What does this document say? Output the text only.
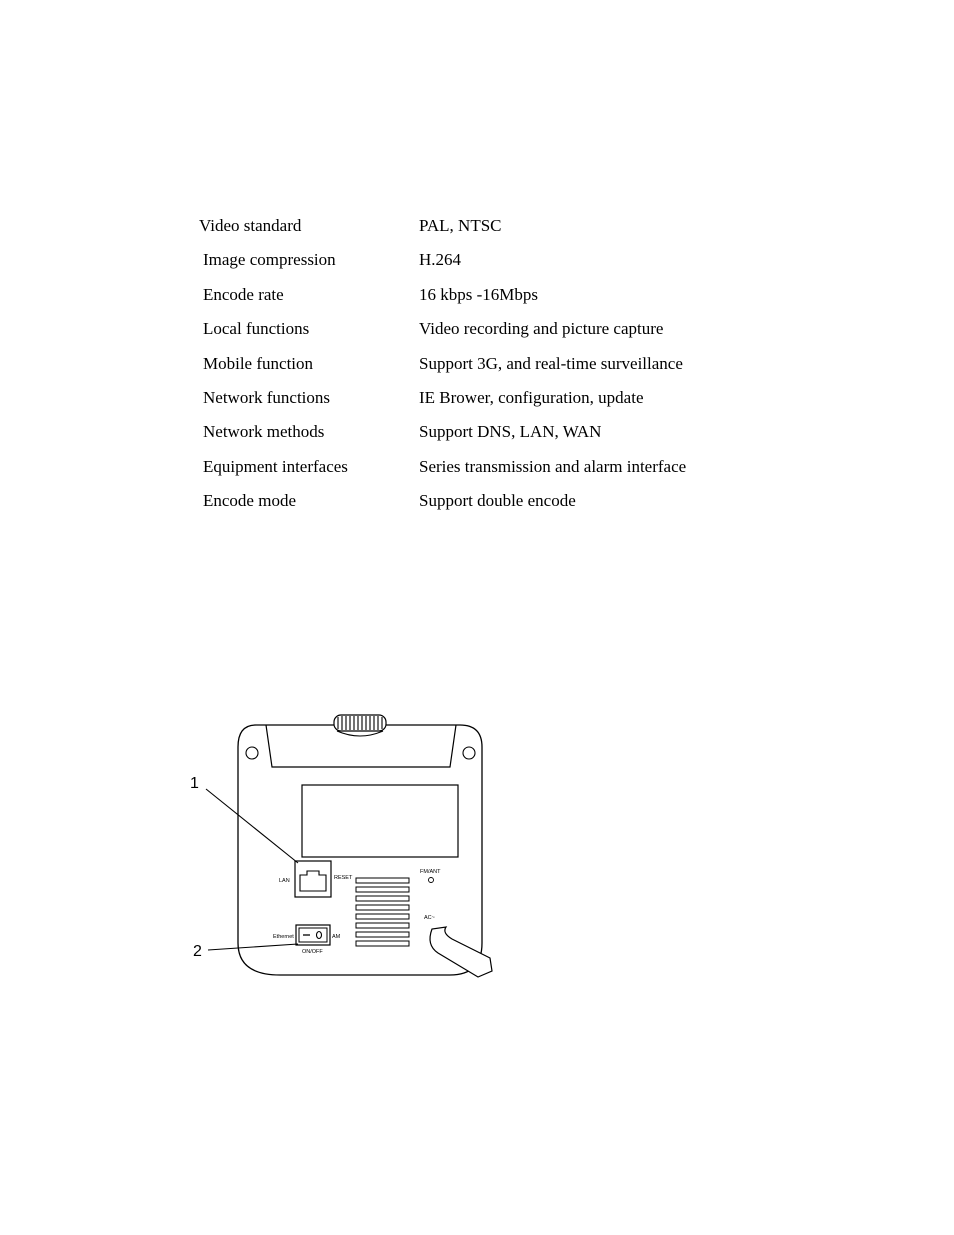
Video standard	PAL, NTSC
Image compression	H.264
Encode rate	16 kbps -16Mbps
Local functions	Video recording and picture capture
Mobile function	Support 3G, and real-time surveillance
Network functions	IE Brower, configuration, update
Network methods	Support DNS, LAN, WAN
Equipment interfaces	Series transmission and alarm interface
Encode mode	Support double encode
LAN	RESET
FM/ANT
AC~
Ethernet	AM
ON/OFF
1
2
